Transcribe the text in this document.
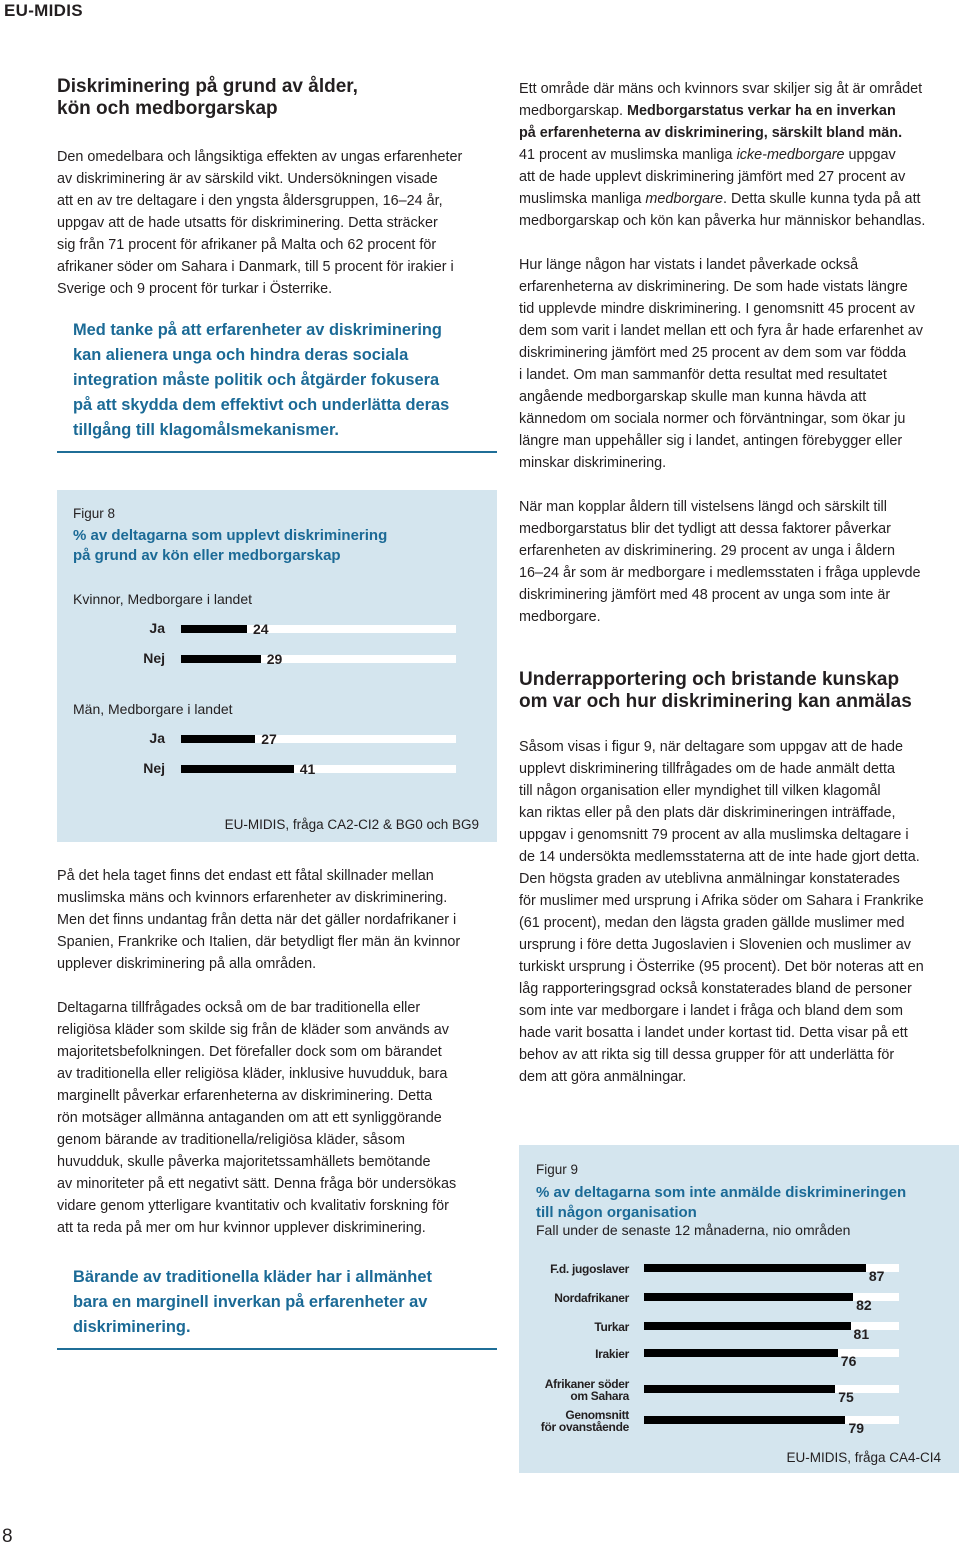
EU-MIDIS
Diskriminering på grund av ålder,
kön och medborgarskap
Den omedelbara och långsiktiga effekten av ungas erfarenheter
av diskriminering är av särskild vikt. Undersökningen visade
att en av tre deltagare i den yngsta åldersgruppen, 16–24 år,
uppgav att de hade utsatts för diskriminering. Detta sträcker
sig från 71 procent för afrikaner på Malta och 62 procent för
afrikaner söder om Sahara i Danmark, till 5 procent för irakier i
Sverige och 9 procent för turkar i Österrike.
Med tanke på att erfarenheter av diskriminering
kan alienera unga och hindra deras sociala
integration måste politik och åtgärder fokusera
på att skydda dem effektivt och underlätta deras
tillgång till klagomålsmekanismer.
Figur 8
% av deltagarna som upplevt diskriminering
på grund av kön eller medborgarskap
Kvinnor, Medborgare i landet
Ja	24
Nej	29
Män, Medborgare i landet
Ja	27
Nej	41
EU-MIDIS, fråga CA2-CI2 & BG0 och BG9
På det hela taget finns det endast ett fåtal skillnader mellan
muslimska mäns och kvinnors erfarenheter av diskriminering.
Men det finns undantag från detta när det gäller nordafrikaner i
Spanien, Frankrike och Italien, där betydligt fler män än kvinnor
upplever diskriminering på alla områden.
Deltagarna tillfrågades också om de bar traditionella eller
religiösa kläder som skilde sig från de kläder som används av
majoritetsbefolkningen. Det förefaller dock som om bärandet
av traditionella eller religiösa kläder, inklusive huvudduk, bara
marginellt påverkar erfarenheterna av diskriminering. Detta
rön motsäger allmänna antaganden om att ett synliggörande
genom bärande av traditionella/religiösa kläder, såsom
huvudduk, skulle påverka majoritetssamhällets bemötande
av minoriteter på ett negativt sätt. Denna fråga bör undersökas
vidare genom ytterligare kvantitativ och kvalitativ forskning för
att ta reda på mer om hur kvinnor upplever diskriminering.
Bärande av traditionella kläder har i allmänhet
bara en marginell inverkan på erfarenheter av
diskriminering.
Ett område där mäns och kvinnors svar skiljer sig åt är området
medborgarskap. Medborgarstatus verkar ha en inverkan
på erfarenheterna av diskriminering, särskilt bland män.
41 procent av muslimska manliga icke-medborgare uppgav
att de hade upplevt diskriminering jämfört med 27 procent av
muslimska manliga medborgare. Detta skulle kunna tyda på att
medborgarskap och kön kan påverka hur människor behandlas.
Hur länge någon har vistats i landet påverkade också
erfarenheterna av diskriminering. De som hade vistats längre
tid upplevde mindre diskriminering. I genomsnitt 45 procent av
dem som varit i landet mellan ett och fyra år hade erfarenhet av
diskriminering jämfört med 25 procent av dem som var födda
i landet. Om man sammanför detta resultat med resultatet
angående medborgarskap skulle man kunna hävda att
kännedom om sociala normer och förväntningar, som ökar ju
längre man uppehåller sig i landet, antingen förebygger eller
minskar diskriminering.
När man kopplar åldern till vistelsens längd och särskilt till
medborgarstatus blir det tydligt att dessa faktorer påverkar
erfarenheten av diskriminering. 29 procent av unga i åldern
16–24 år som är medborgare i medlemsstaten i fråga upplevde
diskriminering jämfört med 48 procent av unga som inte är
medborgare.
Underrapportering och bristande kunskap
om var och hur diskriminering kan anmälas
Såsom visas i figur 9, när deltagare som uppgav att de hade
upplevt diskriminering tillfrågades om de hade anmält detta
till någon organisation eller myndighet till vilken klagomål
kan riktas eller på den plats där diskrimineringen inträffade,
uppgav i genomsnitt 79 procent av alla muslimska deltagare i
de 14 undersökta medlemsstaterna att de inte hade gjort detta.
Den högsta graden av uteblivna anmälningar konstaterades
för muslimer med ursprung i Afrika söder om Sahara i Frankrike
(61 procent), medan den lägsta graden gällde muslimer med
ursprung i före detta Jugoslavien i Slovenien och muslimer av
turkiskt ursprung i Österrike (95 procent). Det bör noteras att en
låg rapporteringsgrad också konstaterades bland de personer
som inte var medborgare i landet i fråga och bland dem som
hade varit bosatta i landet under kortast tid. Detta visar på ett
behov av att rikta sig till dessa grupper för att underlätta för
dem att göra anmälningar.
Figur 9
% av deltagarna som inte anmälde diskrimineringen
till någon organisation
Fall under de senaste 12 månaderna, nio områden
F.d. jugoslaver	87
Nordafrikaner	82
Turkar	81
Irakier	76
Afrikaner söder
om Sahara	75
Genomsnitt
för ovanstående	79
EU-MIDIS, fråga CA4-CI4
8
